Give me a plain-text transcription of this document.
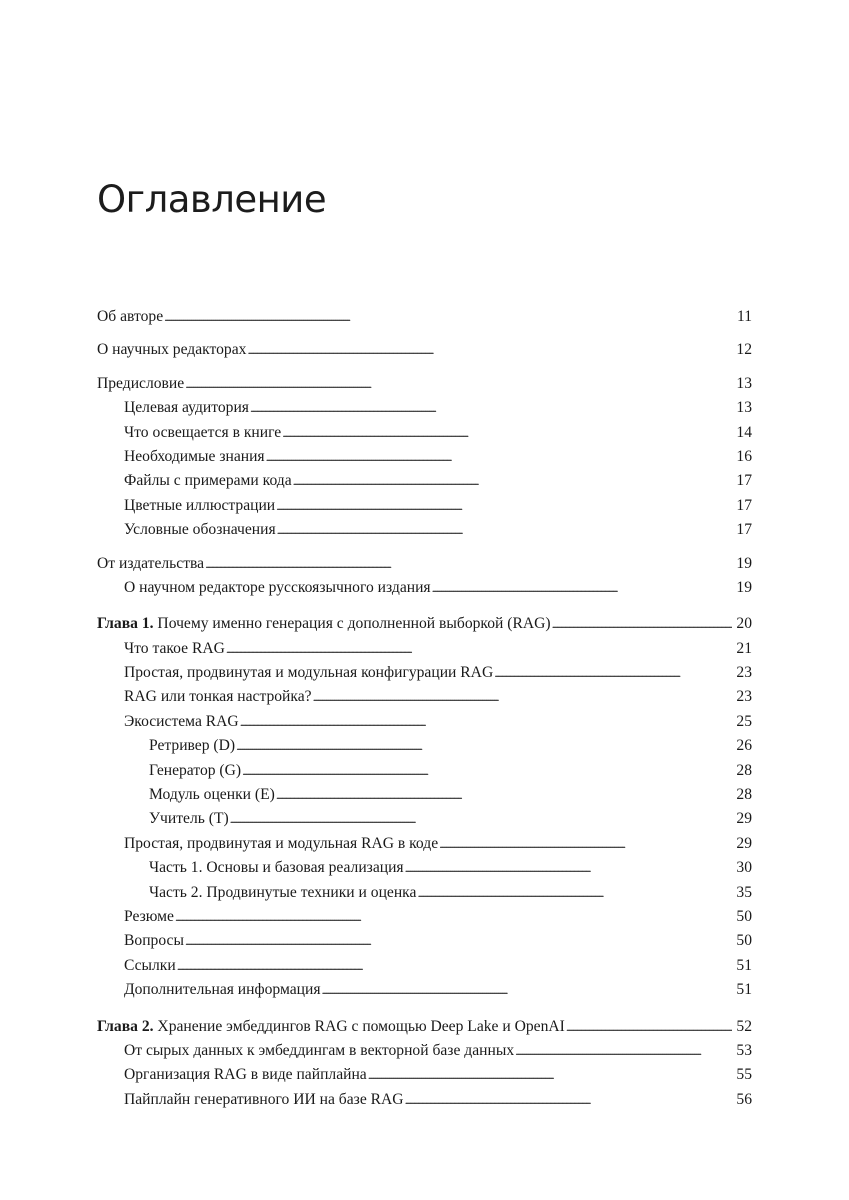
Оглавление
Об авторе . . .	11
О научных редакторах . . .	12
Предисловие . . .	13
Целевая аудитория . . .	13
Что освещается в книге . . .	14
Необходимые знания . . .	16
Файлы с примерами кода . . .	17
Цветные иллюстрации . . .	17
Условные обозначения . . .	17
От издательства . . .	19
О научном редакторе русскоязычного издания . . .	19
Глава 1. Почему именно генерация с дополненной выборкой (RAG) . . .	20
Что такое RAG . . .	21
Простая, продвинутая и модульная конфигурации RAG . . .	23
RAG или тонкая настройка? . . .	23
Экосистема RAG . . .	25
Ретривер (D) . . .	26
Генератор (G) . . .	28
Модуль оценки (E) . . .	28
Учитель (T) . . .	29
Простая, продвинутая и модульная RAG в коде . . .	29
Часть 1. Основы и базовая реализация . . .	30
Часть 2. Продвинутые техники и оценка . . .	35
Резюме . . .	50
Вопросы . . .	50
Ссылки . . .	51
Дополнительная информация . . .	51
Глава 2. Хранение эмбеддингов RAG с помощью Deep Lake и OpenAI . . .	52
От сырых данных к эмбеддингам в векторной базе данных . . .	53
Организация RAG в виде пайплайна . . .	55
Пайплайн генеративного ИИ на базе RAG . . .	56
